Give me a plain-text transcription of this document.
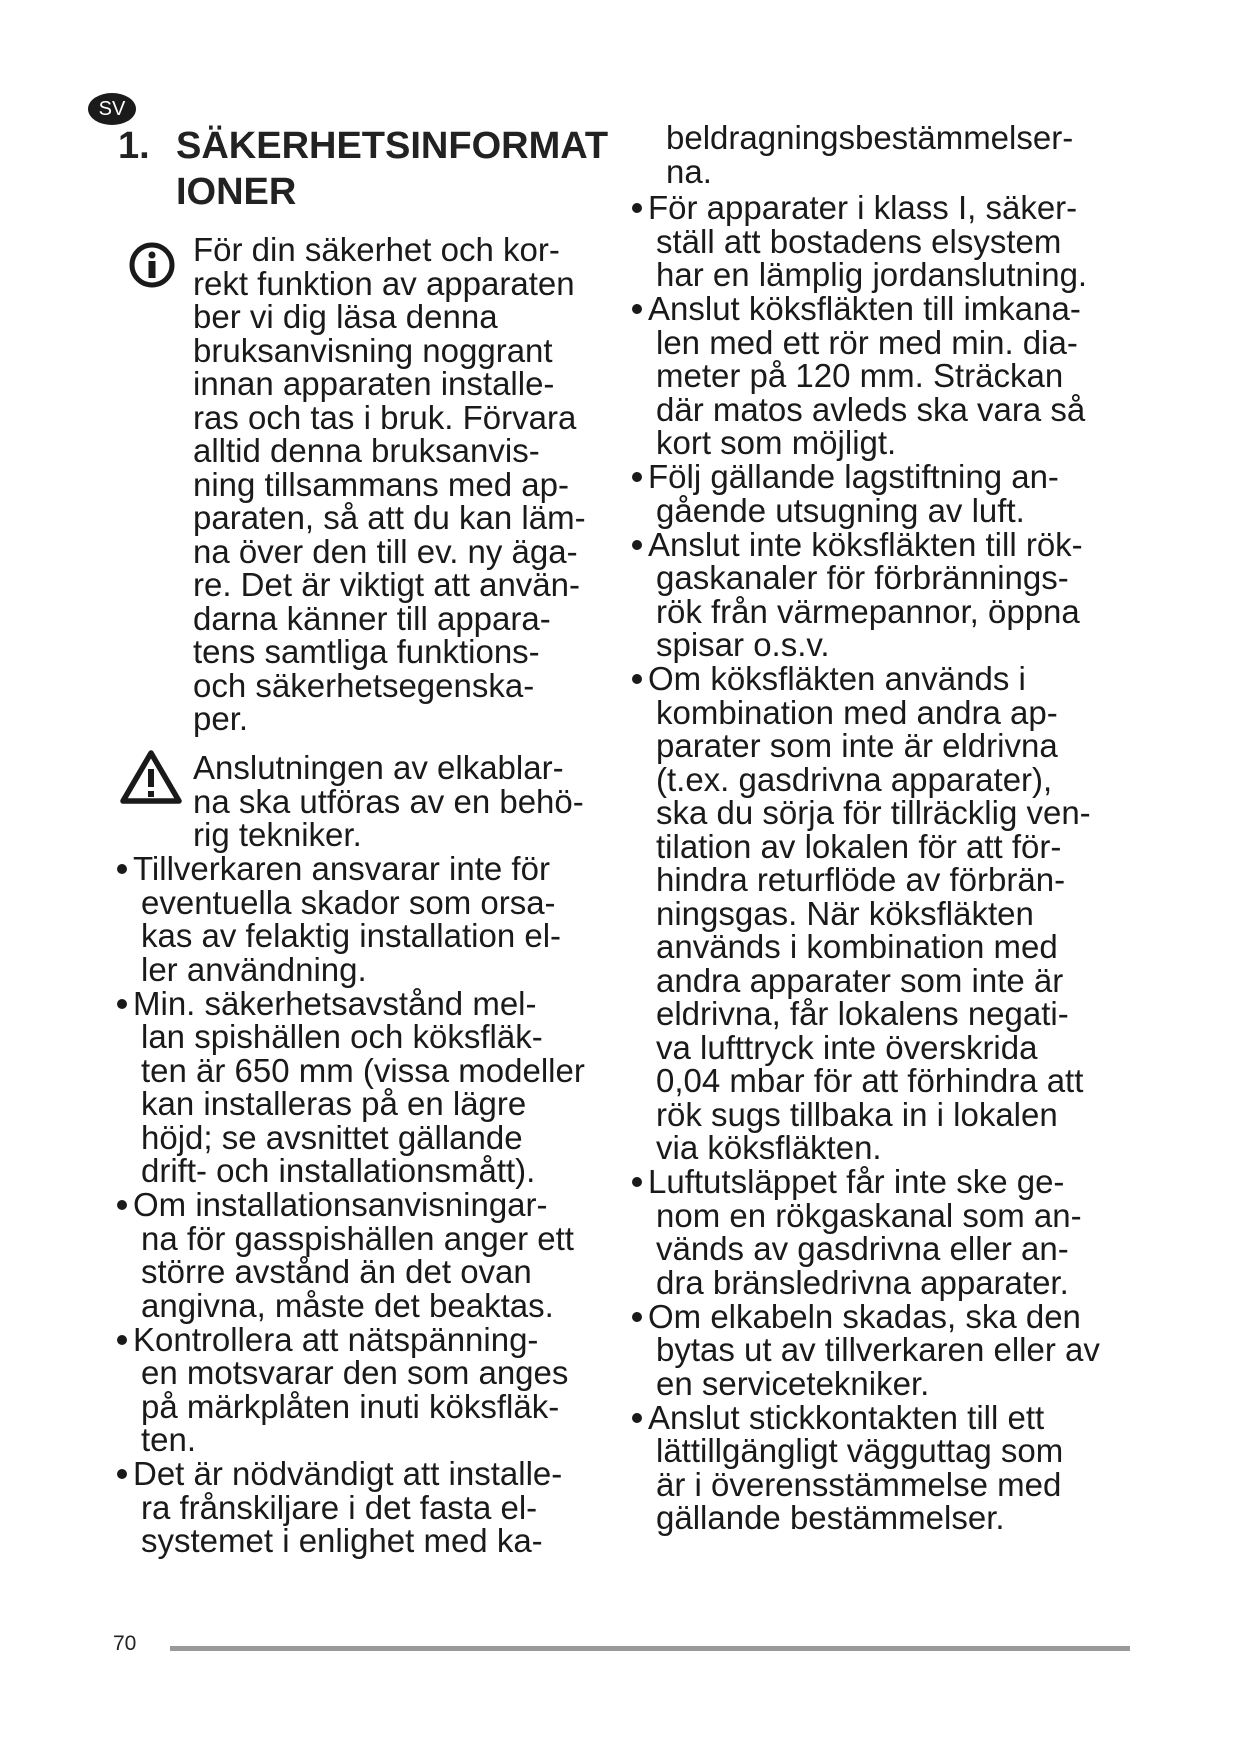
SV
1. SÄKERHETSINFORMAT
IONER
För din säkerhet och kor-
rekt funktion av apparaten
ber vi dig läsa denna
bruksanvisning noggrant
innan apparaten installe-
ras och tas i bruk. Förvara
alltid denna bruksanvis-
ning tillsammans med ap-
paraten, så att du kan läm-
na över den till ev. ny äga-
re. Det är viktigt att använ-
darna känner till appara-
tens samtliga funktions-
och säkerhetsegenska-
per.
Anslutningen av elkablar-
na ska utföras av en behö-
rig tekniker.
Tillverkaren ansvarar inte för
eventuella skador som orsa-
kas av felaktig installation el-
ler användning.
Min. säkerhetsavstånd mel-
lan spishällen och köksfläk-
ten är 650 mm (vissa modeller
kan installeras på en lägre
höjd; se avsnittet gällande
drift- och installationsmått).
Om installationsanvisningar-
na för gasspishällen anger ett
större avstånd än det ovan
angivna, måste det beaktas.
Kontrollera att nätspänning-
en motsvarar den som anges
på märkplåten inuti köksfläk-
ten.
Det är nödvändigt att installe-
ra frånskiljare i det fasta el-
systemet i enlighet med ka-
beldragningsbestämmelser-
na.
För apparater i klass I, säker-
ställ att bostadens elsystem
har en lämplig jordanslutning.
Anslut köksfläkten till imkana-
len med ett rör med min. dia-
meter på 120 mm. Sträckan
där matos avleds ska vara så
kort som möjligt.
Följ gällande lagstiftning an-
gående utsugning av luft.
Anslut inte köksfläkten till rök-
gaskanaler för förbrännings-
rök från värmepannor, öppna
spisar o.s.v.
Om köksfläkten används i
kombination med andra ap-
parater som inte är eldrivna
(t.ex. gasdrivna apparater),
ska du sörja för tillräcklig ven-
tilation av lokalen för att för-
hindra returflöde av förbrän-
ningsgas. När köksfläkten
används i kombination med
andra apparater som inte är
eldrivna, får lokalens negati-
va lufttryck inte överskrida
0,04 mbar för att förhindra att
rök sugs tillbaka in i lokalen
via köksfläkten.
Luftutsläppet får inte ske ge-
nom en rökgaskanal som an-
vänds av gasdrivna eller an-
dra bränsledrivna apparater.
Om elkabeln skadas, ska den
bytas ut av tillverkaren eller av
en servicetekniker.
Anslut stickkontakten till ett
lättillgängligt vägguttag som
är i överensstämmelse med
gällande bestämmelser.
70
